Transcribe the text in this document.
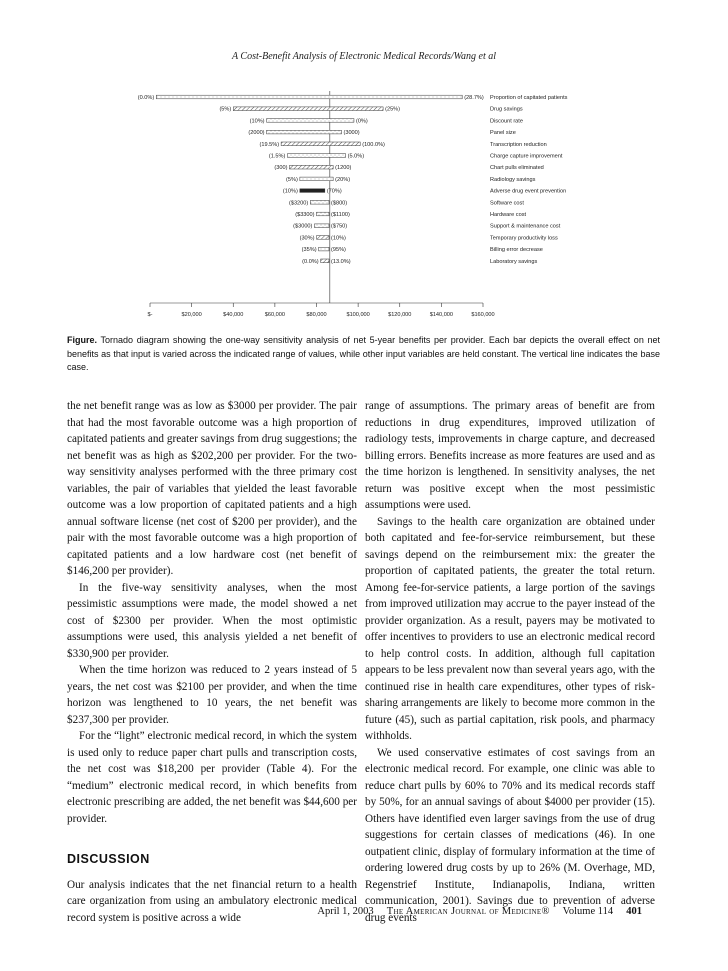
A Cost-Benefit Analysis of Electronic Medical Records/Wang et al
(0.0%)	(28.7%) Proportion of capitated patients
(5%)	(25%)	Drug savings
(10%)	(0%)	Discount rate
(2000)	(3000)	Panel size
(19.5%)	(100.0%)	Transcription reduction
(1.5%)	(5.0%)	Charge capture improvement
(300)	(1200)	Chart pulls eliminated
(5%)	(20%)	Radiology savings
(10%)	(70%)	Adverse drug event prevention
($3200)	($800)	Software cost
($3300)	($1100)	Hardware cost
($3000)	($750)	Support & maintenance cost
(30%)	(10%)	Temporary productivity loss
(35%)	(95%)	Billing error decrease
(0.0%) (13.0%)	Laboratory savings
$-	$20,000	$40,000	$60,000	$80,000	$100,000	$120,000	$140,000	$160,000
Figure. Tornado diagram showing the one-way sensitivity analysis of net 5-year benefits per provider. Each bar depicts the overall effect on net benefits as that input is varied across the indicated range of values, while other input variables are held constant. The vertical line indicates the base case.

the net benefit range was as low as $3000 per provider. The pair that had the most favorable outcome was a high proportion of capitated patients and greater savings from drug suggestions; the net benefit was as high as $202,200 per provider. For the two-way sensitivity analyses performed with the three primary cost variables, the pair of variables that yielded the least favorable outcome was a low proportion of capitated patients and a high annual software license (net cost of $200 per provider), and the pair with the most favorable outcome was a high proportion of capitated patients and a low hardware cost (net benefit of $146,200 per provider).

In the five-way sensitivity analyses, when the most pessimistic assumptions were made, the model showed a net cost of $2300 per provider. When the most optimistic assumptions were used, this analysis yielded a net benefit of $330,900 per provider.

When the time horizon was reduced to 2 years instead of 5 years, the net cost was $2100 per provider, and when the time horizon was lengthened to 10 years, the net benefit was $237,300 per provider.

For the “light” electronic medical record, in which the system is used only to reduce paper chart pulls and transcription costs, the net cost was $18,200 per provider (Table 4). For the “medium” electronic medical record, in which benefits from electronic prescribing are added, the net benefit was $44,600 per provider.

DISCUSSION

Our analysis indicates that the net financial return to a health care organization from using an ambulatory electronic medical record system is positive across a wide

range of assumptions. The primary areas of benefit are from reductions in drug expenditures, improved utilization of radiology tests, improvements in charge capture, and decreased billing errors. Benefits increase as more features are used and as the time horizon is lengthened. In sensitivity analyses, the net return was positive except when the most pessimistic assumptions were used.

Savings to the health care organization are obtained under both capitated and fee-for-service reimbursement, but these savings depend on the reimbursement mix: the greater the proportion of capitated patients, the greater the total return. Among fee-for-service patients, a large portion of the savings from improved utilization may accrue to the payer instead of the provider organization. As a result, payers may be motivated to offer incentives to providers to use an electronic medical record to help control costs. In addition, although full capitation appears to be less prevalent now than several years ago, with the continued rise in health care expenditures, other types of risk-sharing arrangements are likely to become more common in the future (45), such as partial capitation, risk pools, and pharmacy withholds.

We used conservative estimates of cost savings from an electronic medical record. For example, one clinic was able to reduce chart pulls by 60% to 70% and its medical records staff by 50%, for an annual savings of about $4000 per provider (15). Others have identified even larger savings from the use of drug suggestions for certain classes of medications (46). In one outpatient clinic, display of formulary information at the time of ordering lowered drug costs by up to 26% (M. Overhage, MD, Regenstrief Institute, Indianapolis, Indiana, written communication, 2001). Savings due to prevention of adverse drug events

April 1, 2003 The American Journal of Medicine® Volume 114 401
